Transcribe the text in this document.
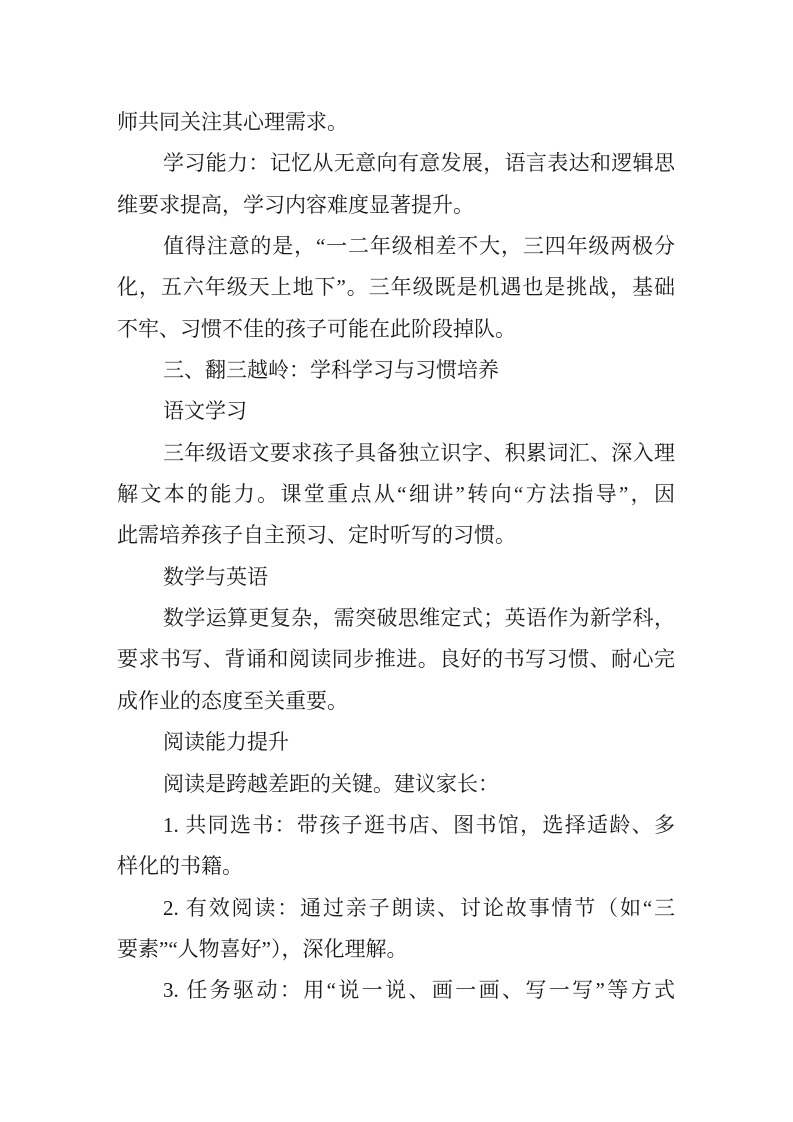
师共同关注其心理需求。
学习能力：记忆从无意向有意发展，语言表达和逻辑思
维要求提高，学习内容难度显著提升。
值得注意的是，“一二年级相差不大，三四年级两极分
化，五六年级天上地下”。三年级既是机遇也是挑战，基础
不牢、习惯不佳的孩子可能在此阶段掉队。
三、翻三越岭：学科学习与习惯培养
语文学习
三年级语文要求孩子具备独立识字、积累词汇、深入理
解文本的能力。课堂重点从“细讲”转向“方法指导”，因
此需培养孩子自主预习、定时听写的习惯。
数学与英语
数学运算更复杂，需突破思维定式；英语作为新学科，
要求书写、背诵和阅读同步推进。良好的书写习惯、耐心完
成作业的态度至关重要。
阅读能力提升
阅读是跨越差距的关键。建议家长：
1. 共同选书：带孩子逛书店、图书馆，选择适龄、多
样化的书籍。
2. 有效阅读：通过亲子朗读、讨论故事情节（如“三
要素”“人物喜好”），深化理解。
3. 任务驱动：用“说一说、画一画、写一写”等方式
